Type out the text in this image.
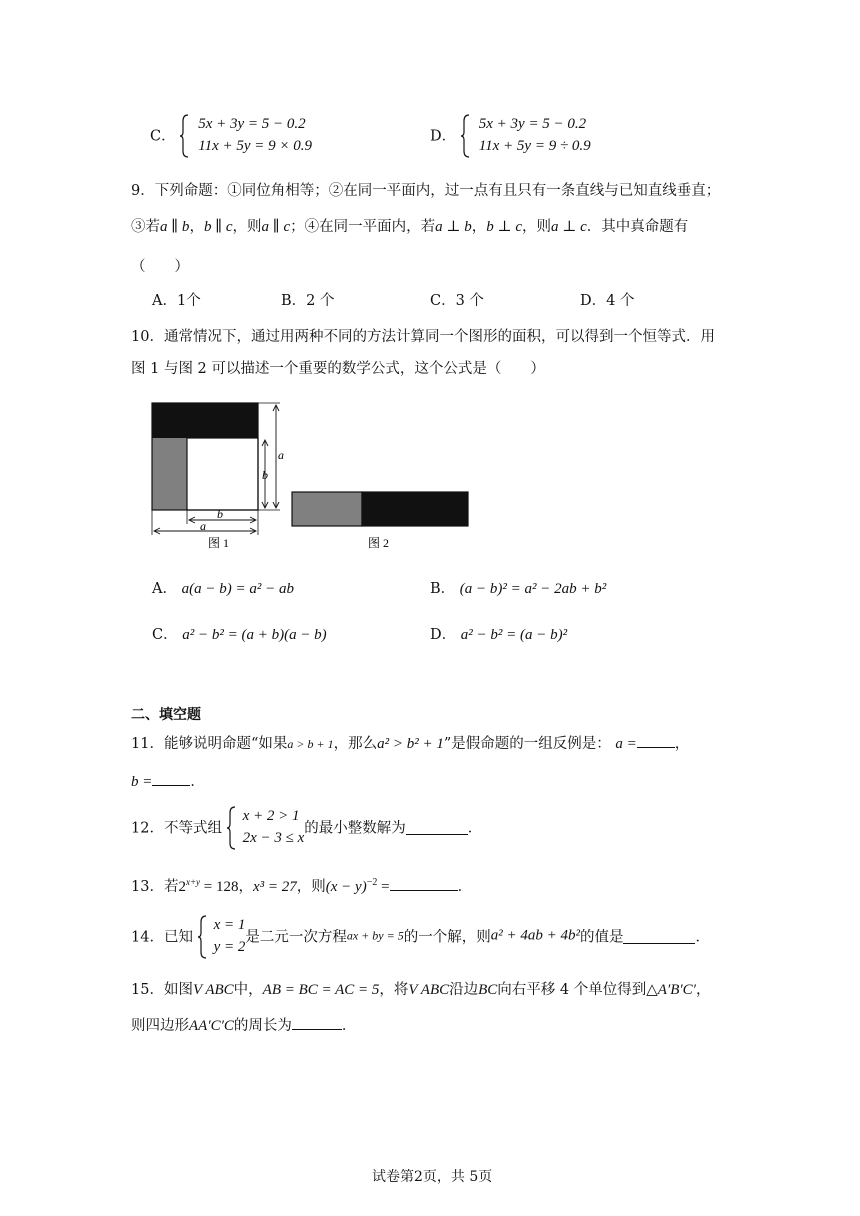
C．
5x + 3y = 5 − 0.2
11x + 5y = 9 × 0.9
D．
5x + 3y = 5 − 0.2
11x + 5y = 9 ÷ 0.9
9．下列命题：①同位角相等；②在同一平面内，过一点有且只有一条直线与已知直线垂直；
③若a ∥ b，b ∥ c，则a ∥ c；④在同一平面内，若a ⊥ b，b ⊥ c，则a ⊥ c．其中真命题有
（　　）
A．1个	B．2 个	C．3 个	D．4 个
10．通常情况下，通过用两种不同的方法计算同一个图形的面积，可以得到一个恒等式．用
图 1 与图 2 可以描述一个重要的数学公式，这个公式是（　　）
a
b
b
a
图 1	图 2
A． a(a − b) = a² − ab	B． (a − b)² = a² − 2ab + b²
C． a² − b² = (a + b)(a − b)	D． a² − b² = (a − b)²
二、填空题
11．能够说明命题“如果a > b + 1，那么a² > b² + 1”是假命题的一组反例是： a =	，
b =	．
12．不等式组
x + 2 > 1
2x − 3 ≤ x
的最小整数解为	．
13．若$2^{x+y} = 128$，x³ = 27，则$(x - y)^{-2}$ =	．
14．已知
x = 1
y = 2
是二元一次方程ax + by = 5的一个解，则a² + 4ab + 4b²的值是	．
15．如图V ABC中，AB = BC = AC = 5，将V ABC沿边BC向右平移 4 个单位得到△A′B′C′，
则四边形AA′C′C的周长为	．
试卷第2页，共 5页
